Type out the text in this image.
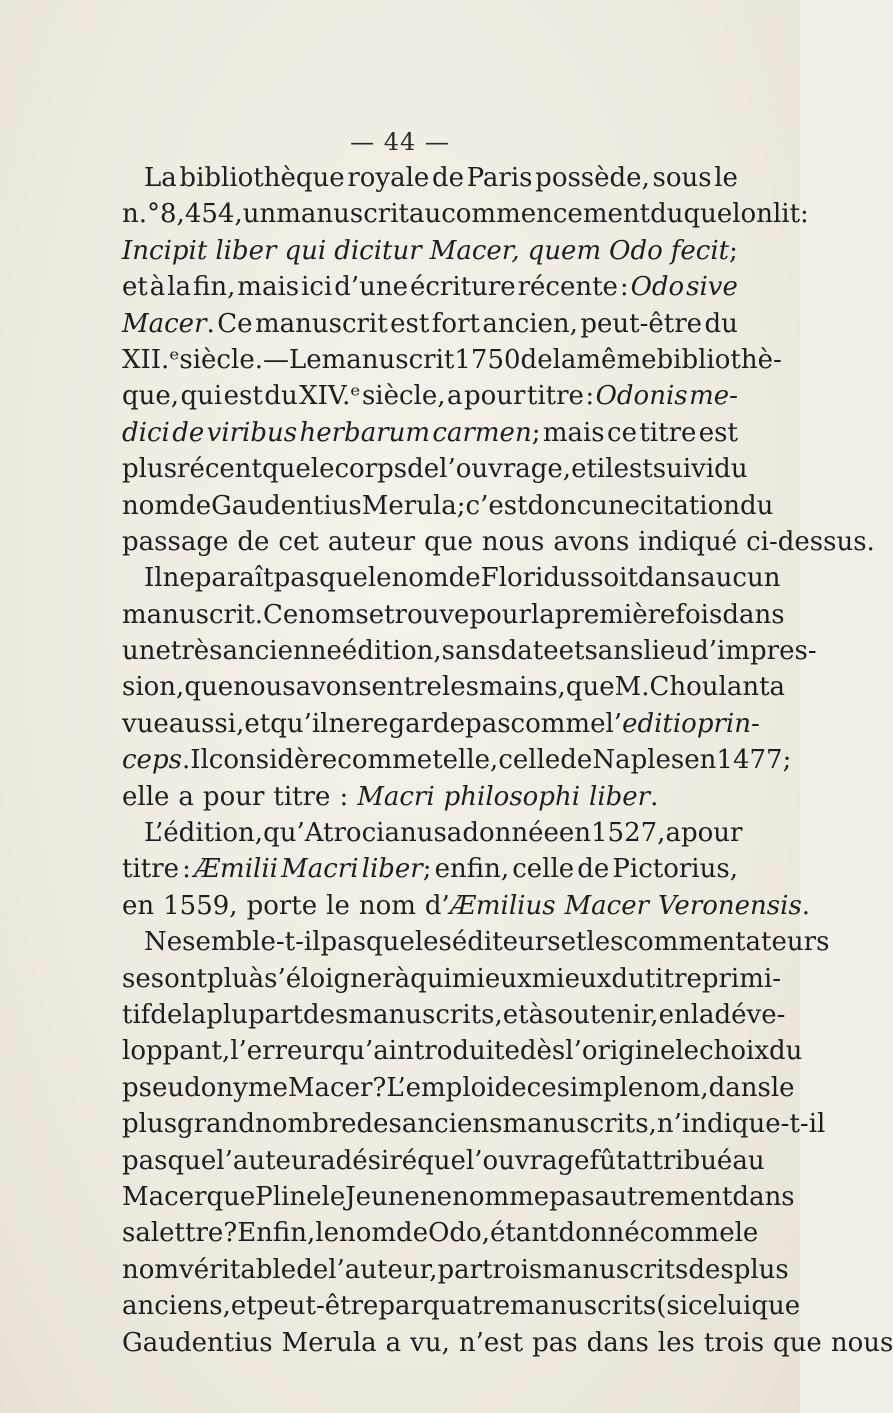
— 44 —
La bibliothèque royale de Paris possède, sous le
n.° 8,454, un manuscrit au commencement duquel on lit :
Incipit liber qui dicitur Macer, quem Odo fecit;
et à la fin, mais ici d’une écriture récente : Odo sive
Macer. Ce manuscrit est fort ancien, peut-être du
XII.ᵉ siècle. — Le manuscrit 1750 de la même bibliothè-
que, qui est du XIV.ᵉ siècle, a pour titre : Odonis me-
dici de viribus herbarum carmen; mais ce titre est
plus récent que le corps de l’ouvrage, et il est suivi du
nom de Gaudentius Merula; c’est donc une citation du
passage de cet auteur que nous avons indiqué ci-dessus.
Il ne paraît pas que le nom de Floridus soit dans aucun
manuscrit. Ce nom se trouve pour la première fois dans
une très ancienne édition, sans date et sans lieu d’impres-
sion, que nous avons entre les mains, que M. Choulant a
vue aussi, et qu’il ne regarde pas comme l’editio prin-
ceps. Il considère comme telle, celle de Naples en 1477;
elle a pour titre : Macri philosophi liber.
L’édition, qu’Atrocianus a donnée en 1527, a pour
titre : Æmilii Macri liber; enfin, celle de Pictorius,
en 1559, porte le nom d’Æmilius Macer Veronensis.
Ne semble-t-il pas que les éditeurs et les commentateurs
se sont plu à s’éloigner à qui mieux mieux du titre primi-
tif de la plupart des manuscrits, et à soutenir, en la déve-
loppant, l’erreur qu’a introduite dès l’origine le choix du
pseudonyme Macer ? L’emploi de ce simple nom, dans le
plus grand nombre des anciens manuscrits, n’indique-t-il
pas que l’auteur a désiré que l’ouvrage fût attribué au
Macer que Pline le Jeune ne nomme pas autrement dans
sa lettre? Enfin, le nom de Odo, étant donné comme le
nom véritable de l’auteur, par trois manuscrits des plus
anciens, et peut-être par quatre manuscrits (si celui que
Gaudentius Merula a vu, n’est pas dans les trois que nous
